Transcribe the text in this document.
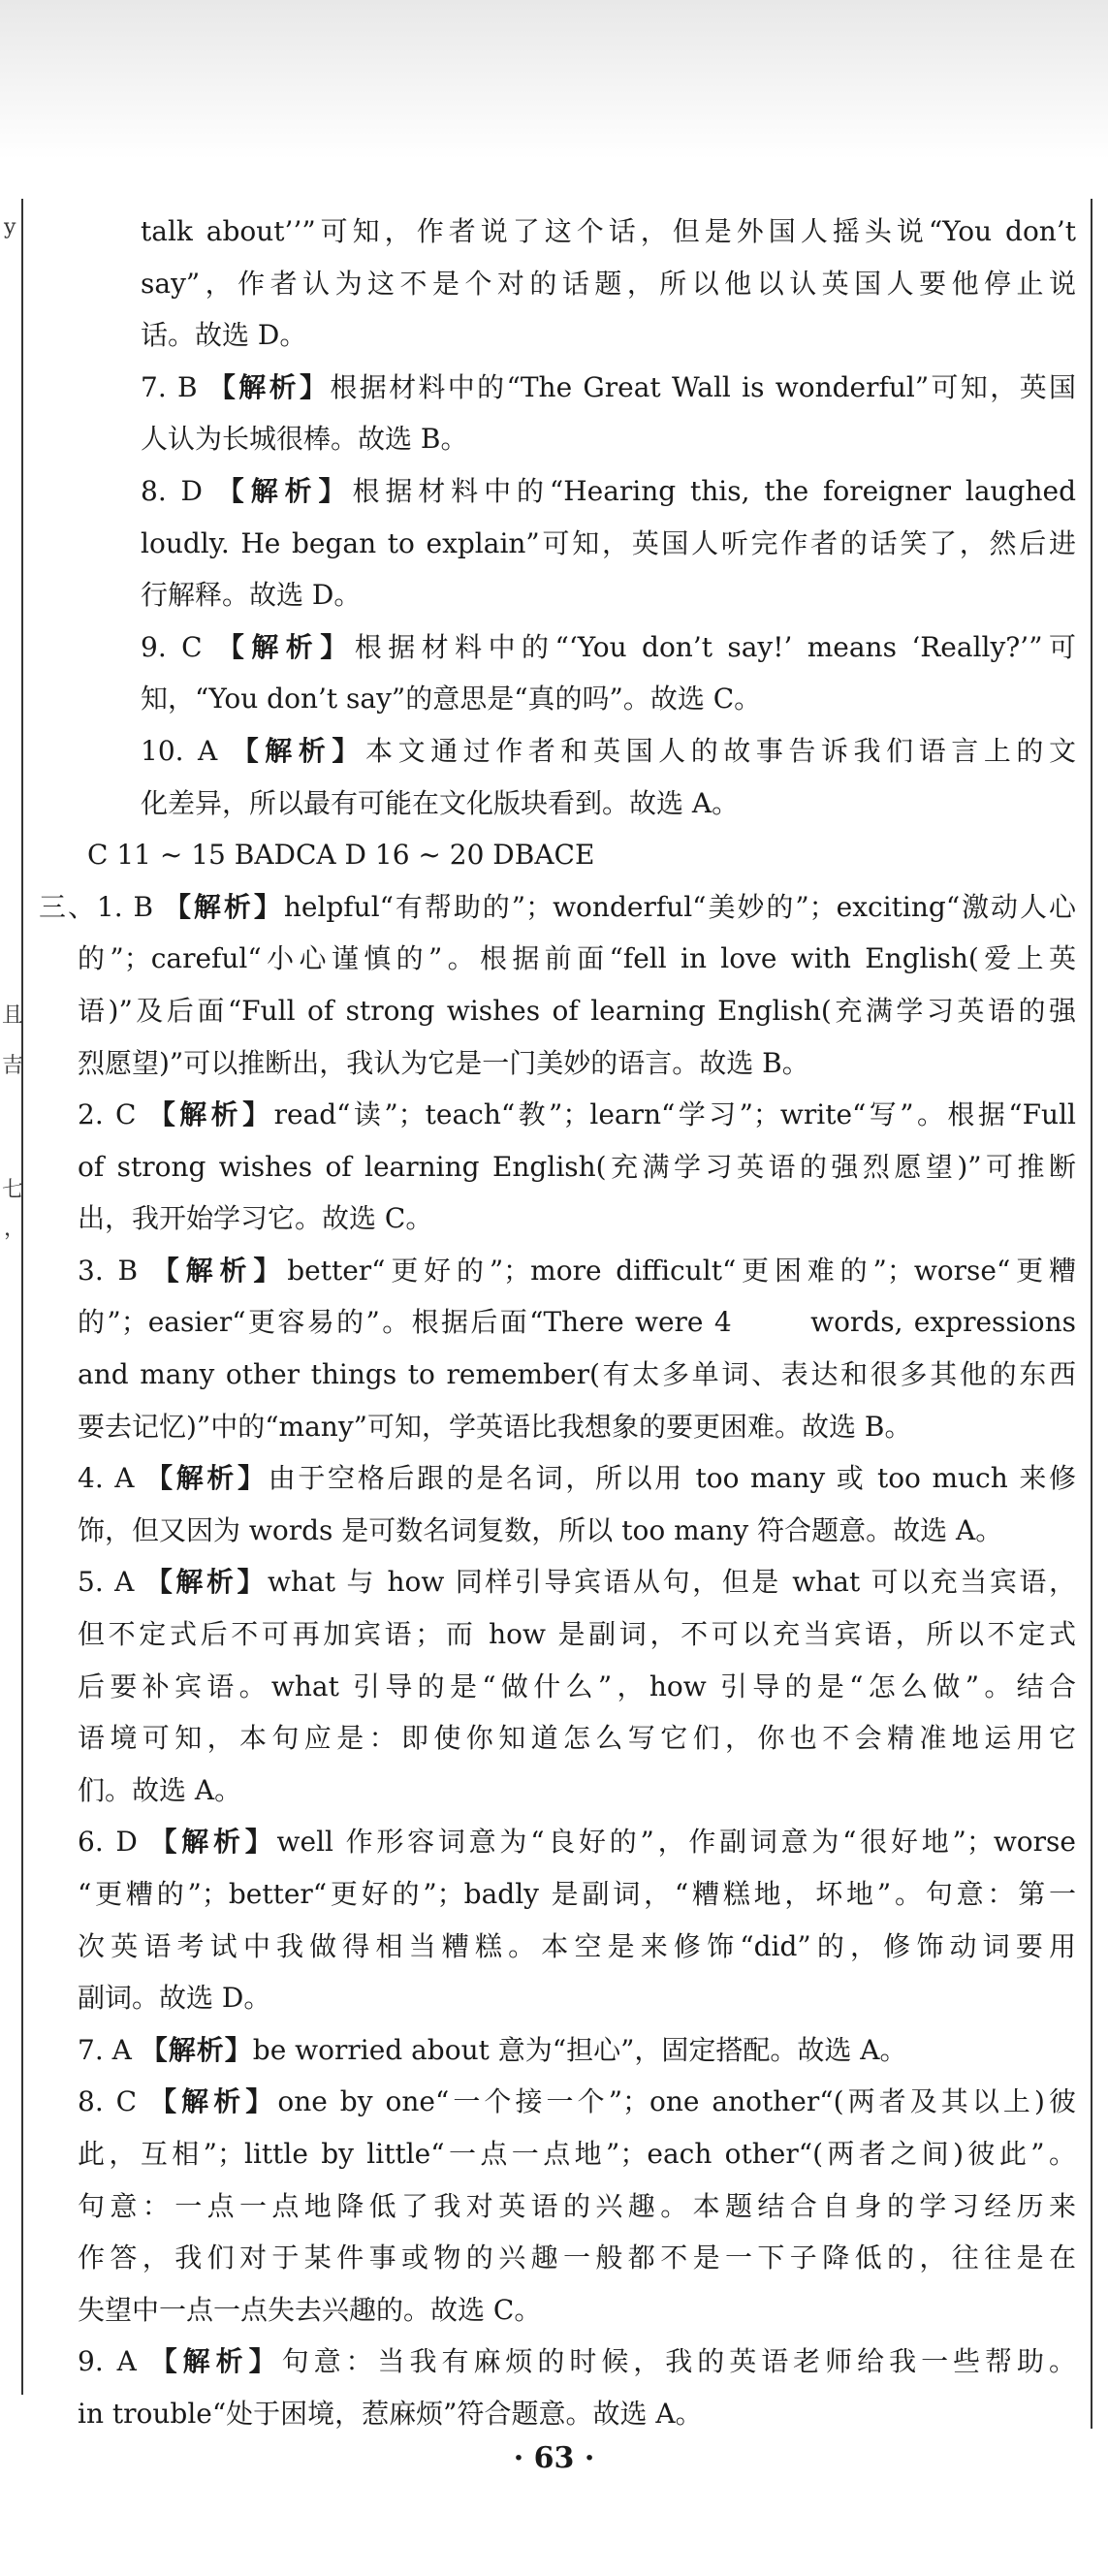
y
且
吉
七
，
talk about’’”可知，作者说了这个话，但是外国人摇头说“You don’t
say”，作者认为这不是个对的话题，所以他以认英国人要他停止说
话。故选 D。
7. B 【解析】根据材料中的“The Great Wall is wonderful”可知，英国
人认为长城很棒。故选 B。
8. D 【解析】根据材料中的“Hearing this, the foreigner laughed
loudly. He began to explain”可知，英国人听完作者的话笑了，然后进
行解释。故选 D。
9. C 【解析】根据材料中的“‘You don’t say!’ means ‘Really?’”可
知，“You don’t say”的意思是“真的吗”。故选 C。
10. A 【解析】本文通过作者和英国人的故事告诉我们语言上的文
化差异，所以最有可能在文化版块看到。故选 A。
C 11 ~ 15 BADCA D 16 ~ 20 DBACE
三、1. B 【解析】helpful“有帮助的”；wonderful“美妙的”；exciting“激动人心
的”；careful“小心谨慎的”。根据前面“fell in love with English(爱上英
语)”及后面“Full of strong wishes of learning English(充满学习英语的强
烈愿望)”可以推断出，我认为它是一门美妙的语言。故选 B。
2. C 【解析】read“读”；teach“教”；learn“学习”；write“写”。根据“Full
of strong wishes of learning English(充满学习英语的强烈愿望)”可推断
出，我开始学习它。故选 C。
3. B 【解析】better“更好的”；more difficult“更困难的”；worse“更糟
的”；easier“更容易的”。根据后面“There were 4	words, expressions
and many other things to remember(有太多单词、表达和很多其他的东西
要去记忆)”中的“many”可知，学英语比我想象的要更困难。故选 B。
4. A 【解析】由于空格后跟的是名词，所以用 too many 或 too much 来修
饰，但又因为 words 是可数名词复数，所以 too many 符合题意。故选 A。
5. A 【解析】what 与 how 同样引导宾语从句，但是 what 可以充当宾语，
但不定式后不可再加宾语；而 how 是副词，不可以充当宾语，所以不定式
后要补宾语。what 引导的是“做什么”，how 引导的是“怎么做”。结合
语境可知，本句应是：即使你知道怎么写它们，你也不会精准地运用它
们。故选 A。
6. D 【解析】well 作形容词意为“良好的”，作副词意为“很好地”；worse
“更糟的”；better“更好的”；badly 是副词，“糟糕地，坏地”。句意：第一
次英语考试中我做得相当糟糕。本空是来修饰“did”的，修饰动词要用
副词。故选 D。
7. A 【解析】be worried about 意为“担心”，固定搭配。故选 A。
8. C 【解析】one by one“一个接一个”；one another“(两者及其以上)彼
此，互相”；little by little“一点一点地”；each other“(两者之间)彼此”。
句意：一点一点地降低了我对英语的兴趣。本题结合自身的学习经历来
作答，我们对于某件事或物的兴趣一般都不是一下子降低的，往往是在
失望中一点一点失去兴趣的。故选 C。
9. A 【解析】句意：当我有麻烦的时候，我的英语老师给我一些帮助。
in trouble“处于困境，惹麻烦”符合题意。故选 A。
· 63 ·
